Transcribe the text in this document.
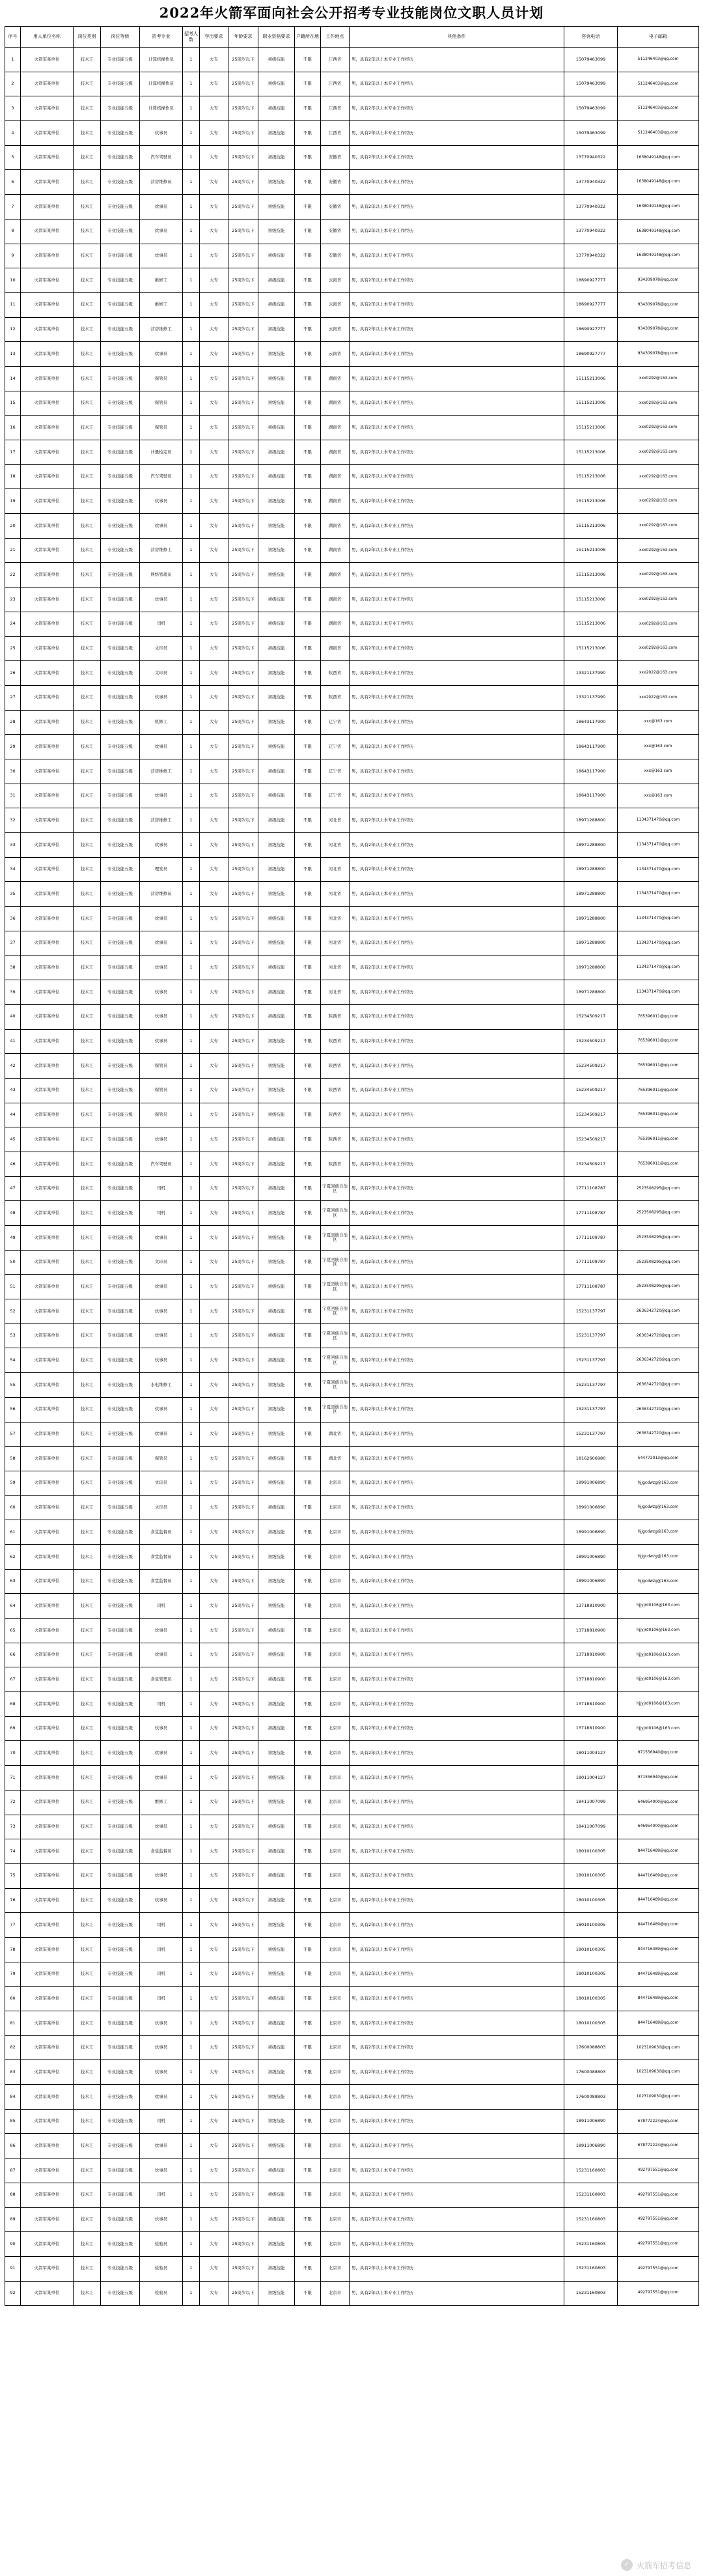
2022年火箭军面向社会公开招考专业技能岗位文职人员计划
序号	用人单位名称	岗位类别	岗位等级	招考专业	招考人数	学历要求	年龄要求	职业资格要求	户籍所在地	工作地点	其他条件	咨询电话	电子邮箱
1	火箭军某单位	技术工	专业技能五级	计算机操作员	1	大专	25周岁以下	初级技能	不限	江西省	男，具有2年以上本专业工作经历	15079463099	511246403@qq.com
2	火箭军某单位	技术工	专业技能五级	计算机操作员	1	大专	25周岁以下	初级技能	不限	江西省	男，具有2年以上本专业工作经历	15079463099	511246403@qq.com
3	火箭军某单位	技术工	专业技能五级	计算机操作员	1	大专	25周岁以下	初级技能	不限	江西省	男，具有2年以上本专业工作经历	15079463099	511246403@qq.com
4	火箭军某单位	技术工	专业技能五级	炊事员	1	大专	25周岁以下	初级技能	不限	江西省	男，具有2年以上本专业工作经历	15079463099	511246403@qq.com
5	火箭军某单位	技术工	专业技能五级	汽车驾驶员	1	大专	25周岁以下	初级技能	不限	安徽省	男，具有2年以上本专业工作经历	13770940322	1638049148@qq.com
6	火箭军某单位	技术工	专业技能五级	营房维修员	1	大专	25周岁以下	初级技能	不限	安徽省	男，具有2年以上本专业工作经历	13770940322	1638049148@qq.com
7	火箭军某单位	技术工	专业技能五级	炊事员	1	大专	25周岁以下	初级技能	不限	安徽省	男，具有2年以上本专业工作经历	13770940322	1638049148@qq.com
8	火箭军某单位	技术工	专业技能五级	炊事员	1	大专	25周岁以下	初级技能	不限	安徽省	男，具有2年以上本专业工作经历	13770940322	1638049148@qq.com
9	火箭军某单位	技术工	专业技能五级	炊事员	1	大专	25周岁以下	初级技能	不限	安徽省	男，具有2年以上本专业工作经历	13770940322	1638049148@qq.com
10	火箭军某单位	技术工	专业技能五级	维修工	1	大专	25周岁以下	初级技能	不限	云南省	男，具有2年以上本专业工作经历	18690927777	934309078@qq.com
11	火箭军某单位	技术工	专业技能五级	维修工	1	大专	25周岁以下	初级技能	不限	云南省	男，具有2年以上本专业工作经历	18690927777	934309078@qq.com
12	火箭军某单位	技术工	专业技能五级	营房维修工	1	大专	25周岁以下	初级技能	不限	云南省	男，具有2年以上本专业工作经历	18690927777	934309078@qq.com
13	火箭军某单位	技术工	专业技能五级	炊事员	1	大专	25周岁以下	初级技能	不限	云南省	男，具有2年以上本专业工作经历	18690927777	934309078@qq.com
14	火箭军某单位	技术工	专业技能五级	保管员	1	大专	25周岁以下	初级技能	不限	湖南省	男，具有2年以上本专业工作经历	15115213006	xxx0292@163.com
15	火箭军某单位	技术工	专业技能五级	保管员	1	大专	25周岁以下	初级技能	不限	湖南省	男，具有2年以上本专业工作经历	15115213006	xxx0292@163.com
16	火箭军某单位	技术工	专业技能五级	保管员	1	大专	25周岁以下	初级技能	不限	湖南省	男，具有2年以上本专业工作经历	15115213006	xxx0292@163.com
17	火箭军某单位	技术工	专业技能五级	计量检定员	1	大专	25周岁以下	初级技能	不限	湖南省	男，具有2年以上本专业工作经历	15115213006	xxx0292@163.com
18	火箭军某单位	技术工	专业技能五级	汽车驾驶员	1	大专	25周岁以下	初级技能	不限	湖南省	男，具有2年以上本专业工作经历	15115213006	xxx0292@163.com
19	火箭军某单位	技术工	专业技能五级	炊事员	1	大专	25周岁以下	初级技能	不限	湖南省	男，具有2年以上本专业工作经历	15115213006	xxx0292@163.com
20	火箭军某单位	技术工	专业技能五级	炊事员	1	大专	25周岁以下	初级技能	不限	湖南省	男，具有2年以上本专业工作经历	15115213006	xxx0292@163.com
21	火箭军某单位	技术工	专业技能五级	营房维修工	1	大专	25周岁以下	初级技能	不限	湖南省	男，具有2年以上本专业工作经历	15115213006	xxx0292@163.com
22	火箭军某单位	技术工	专业技能五级	网络管理员	1	大专	25周岁以下	初级技能	不限	湖南省	男，具有2年以上本专业工作经历	15115213006	xxx0292@163.com
23	火箭军某单位	技术工	专业技能五级	炊事员	1	大专	25周岁以下	初级技能	不限	湖南省	男，具有2年以上本专业工作经历	15115213006	xxx0292@163.com
24	火箭军某单位	技术工	专业技能五级	司机	1	大专	25周岁以下	初级技能	不限	湖南省	男，具有2年以上本专业工作经历	15115213006	xxx0292@163.com
25	火箭军某单位	技术工	专业技能五级	文印员	1	大专	25周岁以下	初级技能	不限	湖南省	男，具有2年以上本专业工作经历	15115213006	xxx0292@163.com
26	火箭军某单位	技术工	专业技能五级	文印员	1	大专	25周岁以下	初级技能	不限	陕西省	男，具有2年以上本专业工作经历	13321137990	xxx2022@163.com
27	火箭军某单位	技术工	专业技能五级	炊事员	1	大专	25周岁以下	初级技能	不限	陕西省	男，具有2年以上本专业工作经历	13321137990	xxx2022@163.com
28	火箭军某单位	技术工	专业技能五级	机修工	1	大专	25周岁以下	初级技能	不限	辽宁省	男，具有2年以上本专业工作经历	18643117900	xxx@163.com
29	火箭军某单位	技术工	专业技能五级	炊事员	1	大专	25周岁以下	初级技能	不限	辽宁省	男，具有2年以上本专业工作经历	18643117900	xxx@163.com
30	火箭军某单位	技术工	专业技能五级	营房维修工	1	大专	25周岁以下	初级技能	不限	辽宁省	男，具有2年以上本专业工作经历	18643117900	xxx@163.com
31	火箭军某单位	技术工	专业技能五级	炊事员	1	大专	25周岁以下	初级技能	不限	辽宁省	男，具有2年以上本专业工作经历	18643117900	xxx@163.com
32	火箭军某单位	技术工	专业技能五级	营房维修工	1	大专	25周岁以下	初级技能	不限	河北省	男，具有2年以上本专业工作经历	18971288800	1134371470@qq.com
33	火箭军某单位	技术工	专业技能五级	炊事员	1	大专	25周岁以下	初级技能	不限	河北省	男，具有2年以上本专业工作经历	18971288800	1134371470@qq.com
34	火箭军某单位	技术工	专业技能五级	理发员	1	大专	25周岁以下	初级技能	不限	河北省	男，具有2年以上本专业工作经历	18971288800	1134371470@qq.com
35	火箭军某单位	技术工	专业技能五级	营房维修员	1	大专	25周岁以下	初级技能	不限	河北省	男，具有2年以上本专业工作经历	18971288800	1134371470@qq.com
36	火箭军某单位	技术工	专业技能五级	炊事员	1	大专	25周岁以下	初级技能	不限	河北省	男，具有2年以上本专业工作经历	18971288800	1134371470@qq.com
37	火箭军某单位	技术工	专业技能五级	炊事员	1	大专	25周岁以下	初级技能	不限	河北省	男，具有2年以上本专业工作经历	18971288800	1134371470@qq.com
38	火箭军某单位	技术工	专业技能五级	炊事员	1	大专	25周岁以下	初级技能	不限	河北省	男，具有2年以上本专业工作经历	18971288800	1134371470@qq.com
39	火箭军某单位	技术工	专业技能五级	炊事员	1	大专	25周岁以下	初级技能	不限	河北省	男，具有2年以上本专业工作经历	18971288800	1134371470@qq.com
40	火箭军某单位	技术工	专业技能五级	炊事员	1	大专	25周岁以下	初级技能	不限	陕西省	男，具有2年以上本专业工作经历	15234509217	765396011@qq.com
41	火箭军某单位	技术工	专业技能五级	炊事员	1	大专	25周岁以下	初级技能	不限	陕西省	男，具有2年以上本专业工作经历	15234509217	765396011@qq.com
42	火箭军某单位	技术工	专业技能五级	保管员	1	大专	25周岁以下	初级技能	不限	陕西省	男，具有2年以上本专业工作经历	15234509217	765396011@qq.com
43	火箭军某单位	技术工	专业技能五级	保管员	1	大专	25周岁以下	初级技能	不限	陕西省	男，具有2年以上本专业工作经历	15234509217	765396011@qq.com
44	火箭军某单位	技术工	专业技能五级	保管员	1	大专	25周岁以下	初级技能	不限	陕西省	男，具有2年以上本专业工作经历	15234509217	765396011@qq.com
45	火箭军某单位	技术工	专业技能五级	炊事员	1	大专	25周岁以下	初级技能	不限	陕西省	男，具有2年以上本专业工作经历	15234509217	765396011@qq.com
46	火箭军某单位	技术工	专业技能五级	汽车驾驶员	1	大专	25周岁以下	初级技能	不限	陕西省	男，具有2年以上本专业工作经历	15234509217	765396011@qq.com
47	火箭军某单位	技术工	专业技能五级	司机	1	大专	25周岁以下	初级技能	不限	宁夏回族自治区	男，具有2年以上本专业工作经历	17711108787	2523508295@qq.com
48	火箭军某单位	技术工	专业技能五级	司机	1	大专	25周岁以下	初级技能	不限	宁夏回族自治区	男，具有2年以上本专业工作经历	17711108787	2523508295@qq.com
49	火箭军某单位	技术工	专业技能五级	炊事员	1	大专	25周岁以下	初级技能	不限	宁夏回族自治区	男，具有2年以上本专业工作经历	17711108787	2523508295@qq.com
50	火箭军某单位	技术工	专业技能五级	文印员	1	大专	25周岁以下	初级技能	不限	宁夏回族自治区	男，具有2年以上本专业工作经历	17711108787	2523508295@qq.com
51	火箭军某单位	技术工	专业技能五级	炊事员	1	大专	25周岁以下	初级技能	不限	宁夏回族自治区	男，具有2年以上本专业工作经历	17711108787	2523508295@qq.com
52	火箭军某单位	技术工	专业技能五级	炊事员	1	大专	25周岁以下	初级技能	不限	宁夏回族自治区	男，具有2年以上本专业工作经历	15231137797	2636342720@qq.com
53	火箭军某单位	技术工	专业技能五级	炊事员	1	大专	25周岁以下	初级技能	不限	宁夏回族自治区	男，具有2年以上本专业工作经历	15231137797	2636342720@qq.com
54	火箭军某单位	技术工	专业技能五级	炊事员	1	大专	25周岁以下	初级技能	不限	宁夏回族自治区	男，具有2年以上本专业工作经历	15231137797	2636342720@qq.com
55	火箭军某单位	技术工	专业技能五级	水电维修工	1	大专	25周岁以下	初级技能	不限	宁夏回族自治区	男，具有2年以上本专业工作经历	15231137797	2636342720@qq.com
56	火箭军某单位	技术工	专业技能五级	炊事员	1	大专	25周岁以下	初级技能	不限	宁夏回族自治区	男，具有2年以上本专业工作经历	15231137797	2636342720@qq.com
57	火箭军某单位	技术工	专业技能五级	炊事员	1	大专	25周岁以下	初级技能	不限	湖北省	男，具有2年以上本专业工作经历	15231137797	2636342720@qq.com
58	火箭军某单位	技术工	专业技能五级	保管员	1	大专	25周岁以下	初级技能	不限	湖北省	男，具有2年以上本专业工作经历	18162606980	544772013@qq.com
59	火箭军某单位	技术工	专业技能五级	文印员	1	大专	25周岁以下	初级技能	不限	北京市	男，具有2年以上本专业工作经历	18991006890	hjjgcdwzg@163.com
60	火箭军某单位	技术工	专业技能五级	文印员	1	大专	25周岁以下	初级技能	不限	北京市	男，具有2年以上本专业工作经历	18991006890	hjjgcdwzg@163.com
61	火箭军某单位	技术工	专业技能五级	食堂监督员	1	大专	25周岁以下	初级技能	不限	北京市	男，具有2年以上本专业工作经历	18991006890	hjjgcdwzg@163.com
62	火箭军某单位	技术工	专业技能五级	食堂监督员	1	大专	25周岁以下	初级技能	不限	北京市	男，具有2年以上本专业工作经历	18991006890	hjjgcdwzg@163.com
63	火箭军某单位	技术工	专业技能五级	食堂监督员	1	大专	25周岁以下	初级技能	不限	北京市	男，具有2年以上本专业工作经历	18991006890	hjjgcdwzg@163.com
64	火箭军某单位	技术工	专业技能五级	司机	1	大专	25周岁以下	初级技能	不限	北京市	男，具有2年以上本专业工作经历	13718810900	hjjyjrd0106@163.com
65	火箭军某单位	技术工	专业技能五级	炊事员	1	大专	25周岁以下	初级技能	不限	北京市	男，具有2年以上本专业工作经历	13718810900	hjjyjrd0106@163.com
66	火箭军某单位	技术工	专业技能五级	炊事员	1	大专	25周岁以下	初级技能	不限	北京市	男，具有2年以上本专业工作经历	13718810900	hjjyjrd0106@163.com
67	火箭军某单位	技术工	专业技能五级	食堂管理员	1	大专	25周岁以下	初级技能	不限	北京市	男，具有2年以上本专业工作经历	13718810900	hjjyjrd0106@163.com
68	火箭军某单位	技术工	专业技能五级	司机	1	大专	25周岁以下	初级技能	不限	北京市	男，具有2年以上本专业工作经历	13718810900	hjjyjrd0106@163.com
69	火箭军某单位	技术工	专业技能五级	炊事员	1	大专	25周岁以下	初级技能	不限	北京市	男，具有2年以上本专业工作经历	13718810900	hjjyjrd0106@163.com
70	火箭军某单位	技术工	专业技能五级	炊事员	1	大专	25周岁以下	初级技能	不限	北京市	男，具有2年以上本专业工作经历	18011004127	971556940@qq.com
71	火箭军某单位	技术工	专业技能五级	炊事员	1	大专	25周岁以下	初级技能	不限	北京市	男，具有2年以上本专业工作经历	18011004127	971556940@qq.com
72	火箭军某单位	技术工	专业技能五级	维修工	1	大专	25周岁以下	初级技能	不限	北京市	男，具有2年以上本专业工作经历	18411007099	646954000@qq.com
73	火箭军某单位	技术工	专业技能五级	炊事员	1	大专	25周岁以下	初级技能	不限	北京市	男，具有2年以上本专业工作经历	18411007099	646954000@qq.com
74	火箭军某单位	技术工	专业技能五级	食堂监督员	1	大专	25周岁以下	初级技能	不限	北京市	男，具有2年以上本专业工作经历	18010100305	844716489@qq.com
75	火箭军某单位	技术工	专业技能五级	炊事员	1	大专	25周岁以下	初级技能	不限	北京市	男，具有2年以上本专业工作经历	18010100305	844716489@qq.com
76	火箭军某单位	技术工	专业技能五级	炊事员	1	大专	25周岁以下	初级技能	不限	北京市	男，具有2年以上本专业工作经历	18010100305	844716489@qq.com
77	火箭军某单位	技术工	专业技能五级	司机	1	大专	25周岁以下	初级技能	不限	北京市	男，具有2年以上本专业工作经历	18010100305	844716489@qq.com
78	火箭军某单位	技术工	专业技能五级	司机	1	大专	25周岁以下	初级技能	不限	北京市	男，具有2年以上本专业工作经历	18010100305	844716489@qq.com
79	火箭军某单位	技术工	专业技能五级	司机	1	大专	25周岁以下	初级技能	不限	北京市	男，具有2年以上本专业工作经历	18010100305	844716489@qq.com
80	火箭军某单位	技术工	专业技能五级	司机	1	大专	25周岁以下	初级技能	不限	北京市	男，具有2年以上本专业工作经历	18010100305	844716489@qq.com
81	火箭军某单位	技术工	专业技能五级	炊事员	1	大专	25周岁以下	初级技能	不限	北京市	男，具有2年以上本专业工作经历	18010100305	844716489@qq.com
82	火箭军某单位	技术工	专业技能五级	炊事员	1	大专	25周岁以下	初级技能	不限	北京市	男，具有2年以上本专业工作经历	17600088803	1023109030@qq.com
83	火箭军某单位	技术工	专业技能五级	炊事员	1	大专	25周岁以下	初级技能	不限	北京市	男，具有2年以上本专业工作经历	17600088803	1023109030@qq.com
84	火箭军某单位	技术工	专业技能五级	炊事员	1	大专	25周岁以下	初级技能	不限	北京市	男，具有2年以上本专业工作经历	17600088803	1023109030@qq.com
85	火箭军某单位	技术工	专业技能五级	司机	1	大专	25周岁以下	初级技能	不限	北京市	男，具有2年以上本专业工作经历	18911006890	678772224@qq.com
86	火箭军某单位	技术工	专业技能五级	炊事员	1	大专	25周岁以下	初级技能	不限	北京市	男，具有2年以上本专业工作经历	18911006890	678772224@qq.com
87	火箭军某单位	技术工	专业技能五级	炊事员	1	大专	25周岁以下	初级技能	不限	北京市	男，具有2年以上本专业工作经历	15231160803	492797551@qq.com
88	火箭军某单位	技术工	专业技能五级	司机	1	大专	25周岁以下	初级技能	不限	北京市	男，具有2年以上本专业工作经历	15231160803	492797551@qq.com
89	火箭军某单位	技术工	专业技能五级	炊事员	1	大专	25周岁以下	初级技能	不限	北京市	男，具有2年以上本专业工作经历	15231160803	492797551@qq.com
90	火箭军某单位	技术工	专业技能五级	检验员	1	大专	25周岁以下	初级技能	不限	北京市	男，具有2年以上本专业工作经历	15231160803	492797551@qq.com
91	火箭军某单位	技术工	专业技能五级	检验员	1	大专	25周岁以下	初级技能	不限	北京市	男，具有2年以上本专业工作经历	15231160803	492797551@qq.com
92	火箭军某单位	技术工	专业技能五级	检验员	1	大专	25周岁以下	初级技能	不限	北京市	男，具有2年以上本专业工作经历	15231160803	492797551@qq.com
✓ 火箭军招考信息
